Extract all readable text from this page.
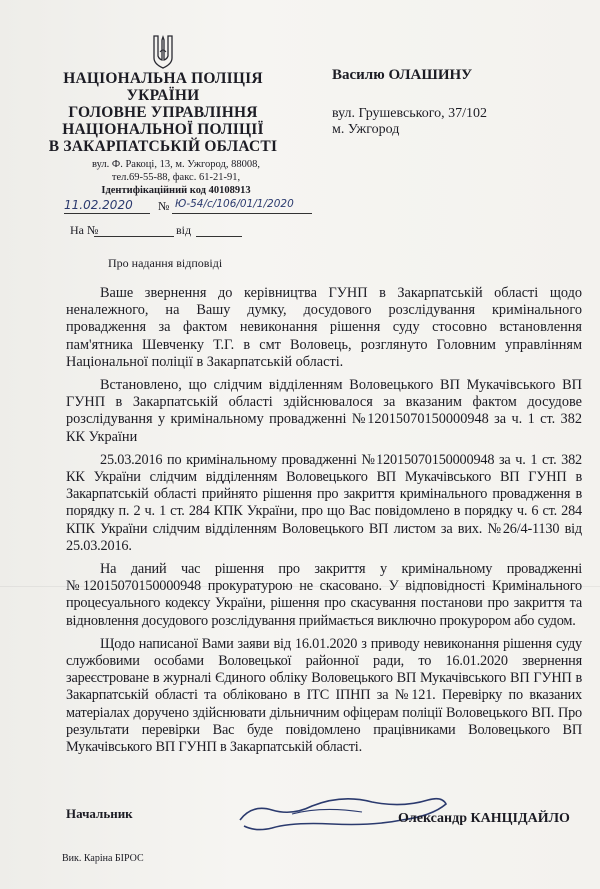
НАЦІОНАЛЬНА ПОЛІЦІЯ
УКРАЇНИ
ГОЛОВНЕ УПРАВЛІННЯ
НАЦІОНАЛЬНОЇ ПОЛІЦІЇ
В ЗАКАРПАТСЬКІЙ ОБЛАСТІ
вул. Ф. Ракоці, 13, м. Ужгород, 88008,
тел.69-55-88, факс. 61-21-91,
Ідентифікаційний код 40108913
11.02.2020	№ Ю-54/с/106/01/1/2020
На №	від
Про надання відповіді
Василю ОЛАШИНУ
вул. Грушевського, 37/102
м. Ужгород

Ваше звернення до керівництва ГУНП в Закарпатській області щодо неналежного, на Вашу думку, досудового розслідування кримінального провадження за фактом невиконання рішення суду стосовно встановлення пам'ятника Шевченку Т.Г. в смт Воловець, розглянуто Головним управлінням Національної поліції в Закарпатській області.

Встановлено, що слідчим відділенням Воловецького ВП Мукачівського ВП ГУНП в Закарпатській області здійснювалося за вказаним фактом досудове розслідування у кримінальному провадженні №12015070150000948 за ч. 1 ст. 382 КК України

25.03.2016 по кримінальному провадженні №12015070150000948 за ч. 1 ст. 382 КК України слідчим відділенням Воловецького ВП Мукачівського ВП ГУНП в Закарпатській області прийнято рішення про закриття кримінального провадження в порядку п. 2 ч. 1 ст. 284 КПК України, про що Вас повідомлено в порядку ч. 6 ст. 284 КПК України слідчим відділенням Воловецького ВП листом за вих. №26/4-1130 від 25.03.2016.

На даний час рішення про закриття у кримінальному провадженні №12015070150000948 прокуратурою не скасовано. У відповідності Кримінального процесуального кодексу України, рішення про скасування постанови про закриття та відновлення досудового розслідування приймається виключно прокурором або судом.

Щодо написаної Вами заяви від 16.01.2020 з приводу невиконання рішення суду службовими особами Воловецької районної ради, то 16.01.2020 звернення зареєстроване в журналі Єдиного обліку Воловецького ВП Мукачівського ВП ГУНП в Закарпатській області та обліковано в ІТС ІПНП за №121. Перевірку по вказаних матеріалах доручено здійснювати дільничним офіцерам поліції Воловецького ВП. Про результати перевірки Вас буде повідомлено працівниками Воловецького ВП Мукачівського ВП ГУНП в Закарпатській області.

Начальник	Олександр КАНЦІДАЙЛО
Вик. Каріна БІРОС
